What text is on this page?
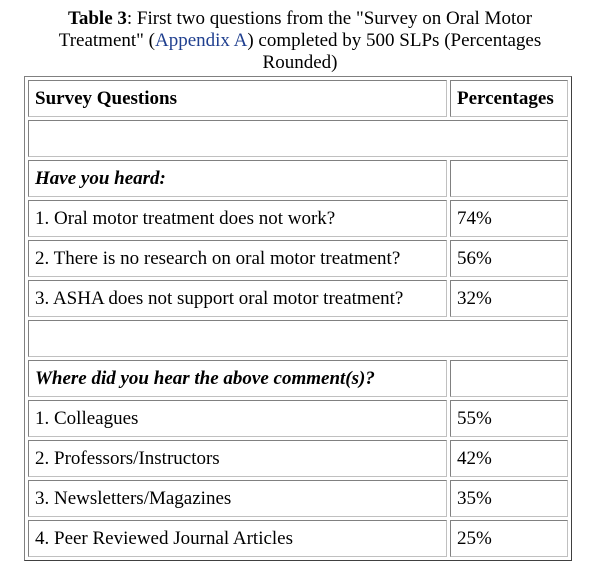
Table 3: First two questions from the "Survey on Oral Motor Treatment" (Appendix A) completed by 500 SLPs (Percentages Rounded)
Survey Questions	Percentages

Have you heard:	
1. Oral motor treatment does not work?	74%
2. There is no research on oral motor treatment?	56%
3. ASHA does not support oral motor treatment?	32%

Where did you hear the above comment(s)?	
1. Colleagues	55%
2. Professors/Instructors	42%
3. Newsletters/Magazines	35%
4. Peer Reviewed Journal Articles	25%
